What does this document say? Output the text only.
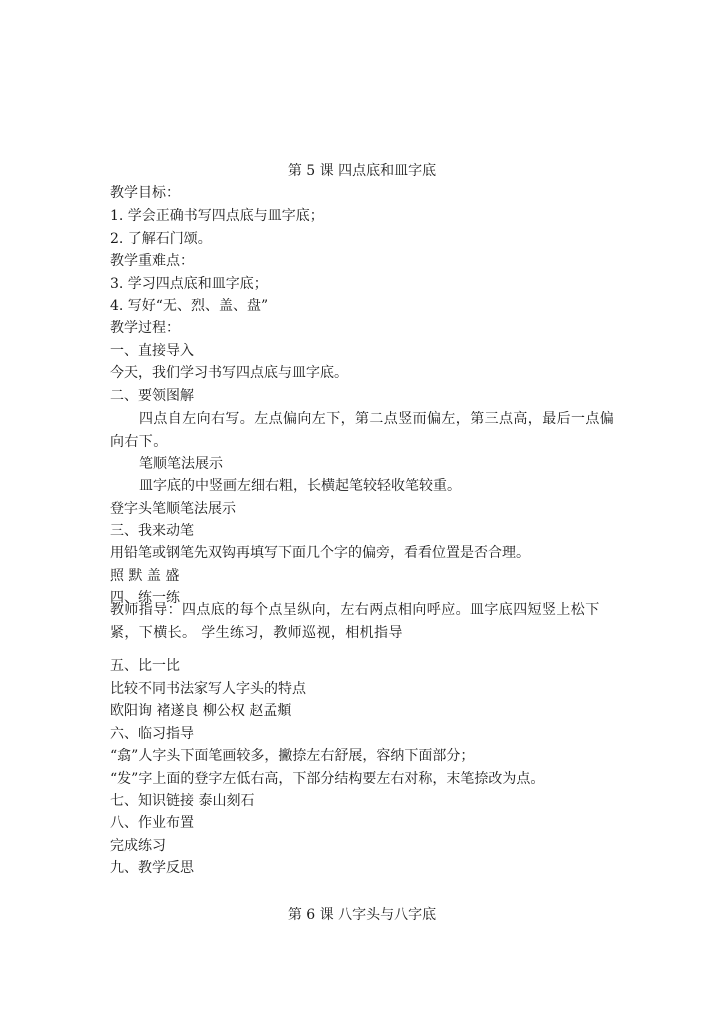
第 5 课 四点底和皿字底
教学目标：
1. 学会正确书写四点底与皿字底；
2. 了解石门颂。
教学重难点：
3. 学习四点底和皿字底；
4. 写好“无、烈、盖、盘”
教学过程：
一、直接导入
今天，我们学习书写四点底与皿字底。
二、要领图解
四点自左向右写。左点偏向左下，第二点竖而偏左，第三点高，最后一点偏向右下。
笔顺笔法展示
皿字底的中竖画左细右粗，长横起笔较轻收笔较重。
登字头笔顺笔法展示
三、我来动笔
用铅笔或钢笔先双钩再填写下面几个字的偏旁，看看位置是否合理。
照 默 盖 盛
四、练一练
教师指导：四点底的每个点呈纵向，左右两点相向呼应。皿字底四短竖上松下紧，下横长。 学生练习，教师巡视，相机指导
五、比一比
比较不同书法家写人字头的特点
欧阳询 褚遂良 柳公权 赵孟頫
六、临习指导
“翕”人字头下面笔画较多，撇捺左右舒展，容纳下面部分；
“发”字上面的登字左低右高，下部分结构要左右对称，末笔捺改为点。
七、知识链接 泰山刻石
八、作业布置
完成练习
九、教学反思
第 6 课 八字头与八字底
